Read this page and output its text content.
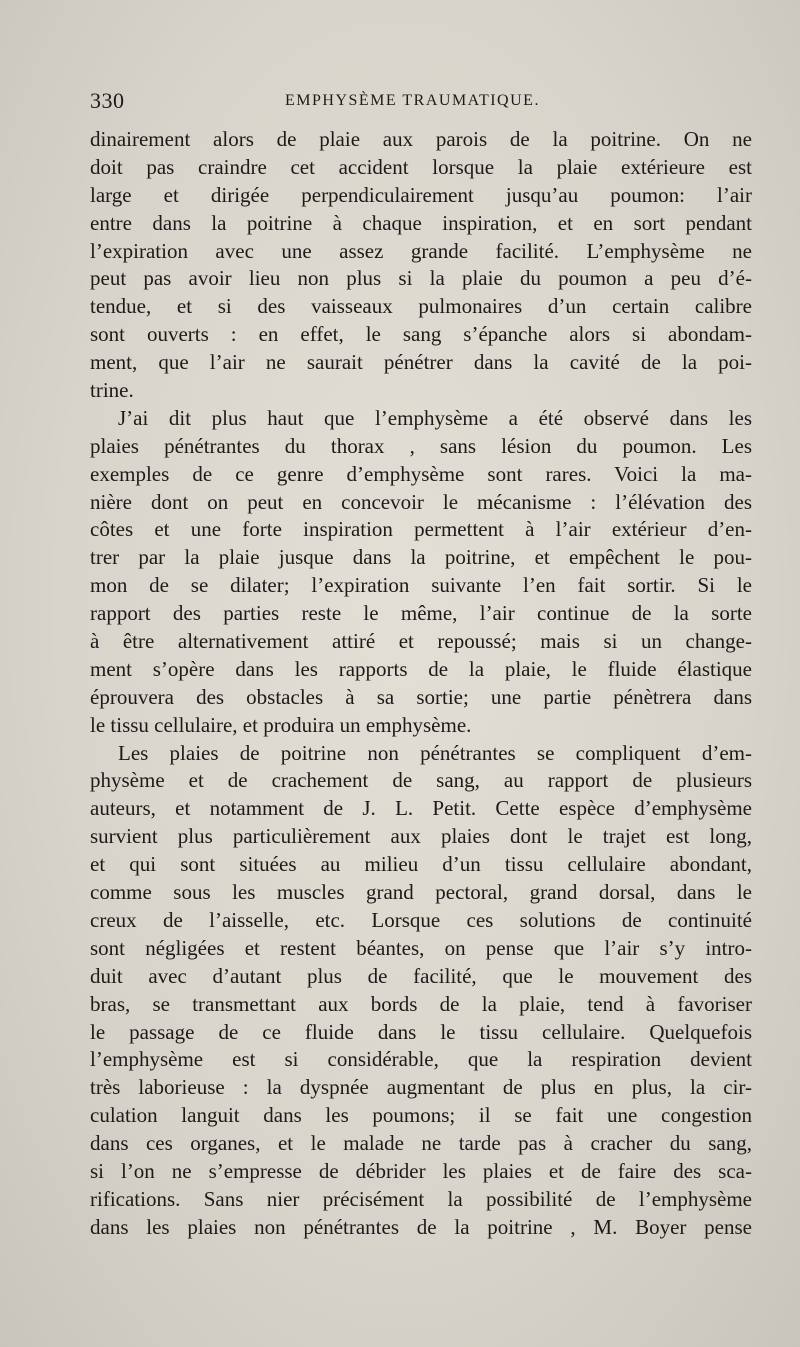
330	EMPHYSÈME TRAUMATIQUE.
dinairement alors de plaie aux parois de la poitrine. On ne
doit pas craindre cet accident lorsque la plaie extérieure est
large et dirigée perpendiculairement jusqu’au poumon: l’air
entre dans la poitrine à chaque inspiration, et en sort pendant
l’expiration avec une assez grande facilité. L’emphysème ne
peut pas avoir lieu non plus si la plaie du poumon a peu d’é-
tendue, et si des vaisseaux pulmonaires d’un certain calibre
sont ouverts : en effet, le sang s’épanche alors si abondam-
ment, que l’air ne saurait pénétrer dans la cavité de la poi-
trine.
J’ai dit plus haut que l’emphysème a été observé dans les
plaies pénétrantes du thorax , sans lésion du poumon. Les
exemples de ce genre d’emphysème sont rares. Voici la ma-
nière dont on peut en concevoir le mécanisme : l’élévation des
côtes et une forte inspiration permettent à l’air extérieur d’en-
trer par la plaie jusque dans la poitrine, et empêchent le pou-
mon de se dilater; l’expiration suivante l’en fait sortir. Si le
rapport des parties reste le même, l’air continue de la sorte
à être alternativement attiré et repoussé; mais si un change-
ment s’opère dans les rapports de la plaie, le fluide élastique
éprouvera des obstacles à sa sortie; une partie pénètrera dans
le tissu cellulaire, et produira un emphysème.
Les plaies de poitrine non pénétrantes se compliquent d’em-
physème et de crachement de sang, au rapport de plusieurs
auteurs, et notamment de J. L. Petit. Cette espèce d’emphysème
survient plus particulièrement aux plaies dont le trajet est long,
et qui sont situées au milieu d’un tissu cellulaire abondant,
comme sous les muscles grand pectoral, grand dorsal, dans le
creux de l’aisselle, etc. Lorsque ces solutions de continuité
sont négligées et restent béantes, on pense que l’air s’y intro-
duit avec d’autant plus de facilité, que le mouvement des
bras, se transmettant aux bords de la plaie, tend à favoriser
le passage de ce fluide dans le tissu cellulaire. Quelquefois
l’emphysème est si considérable, que la respiration devient
très laborieuse : la dyspnée augmentant de plus en plus, la cir-
culation languit dans les poumons; il se fait une congestion
dans ces organes, et le malade ne tarde pas à cracher du sang,
si l’on ne s’empresse de débrider les plaies et de faire des sca-
rifications. Sans nier précisément la possibilité de l’emphysème
dans les plaies non pénétrantes de la poitrine , M. Boyer pense
